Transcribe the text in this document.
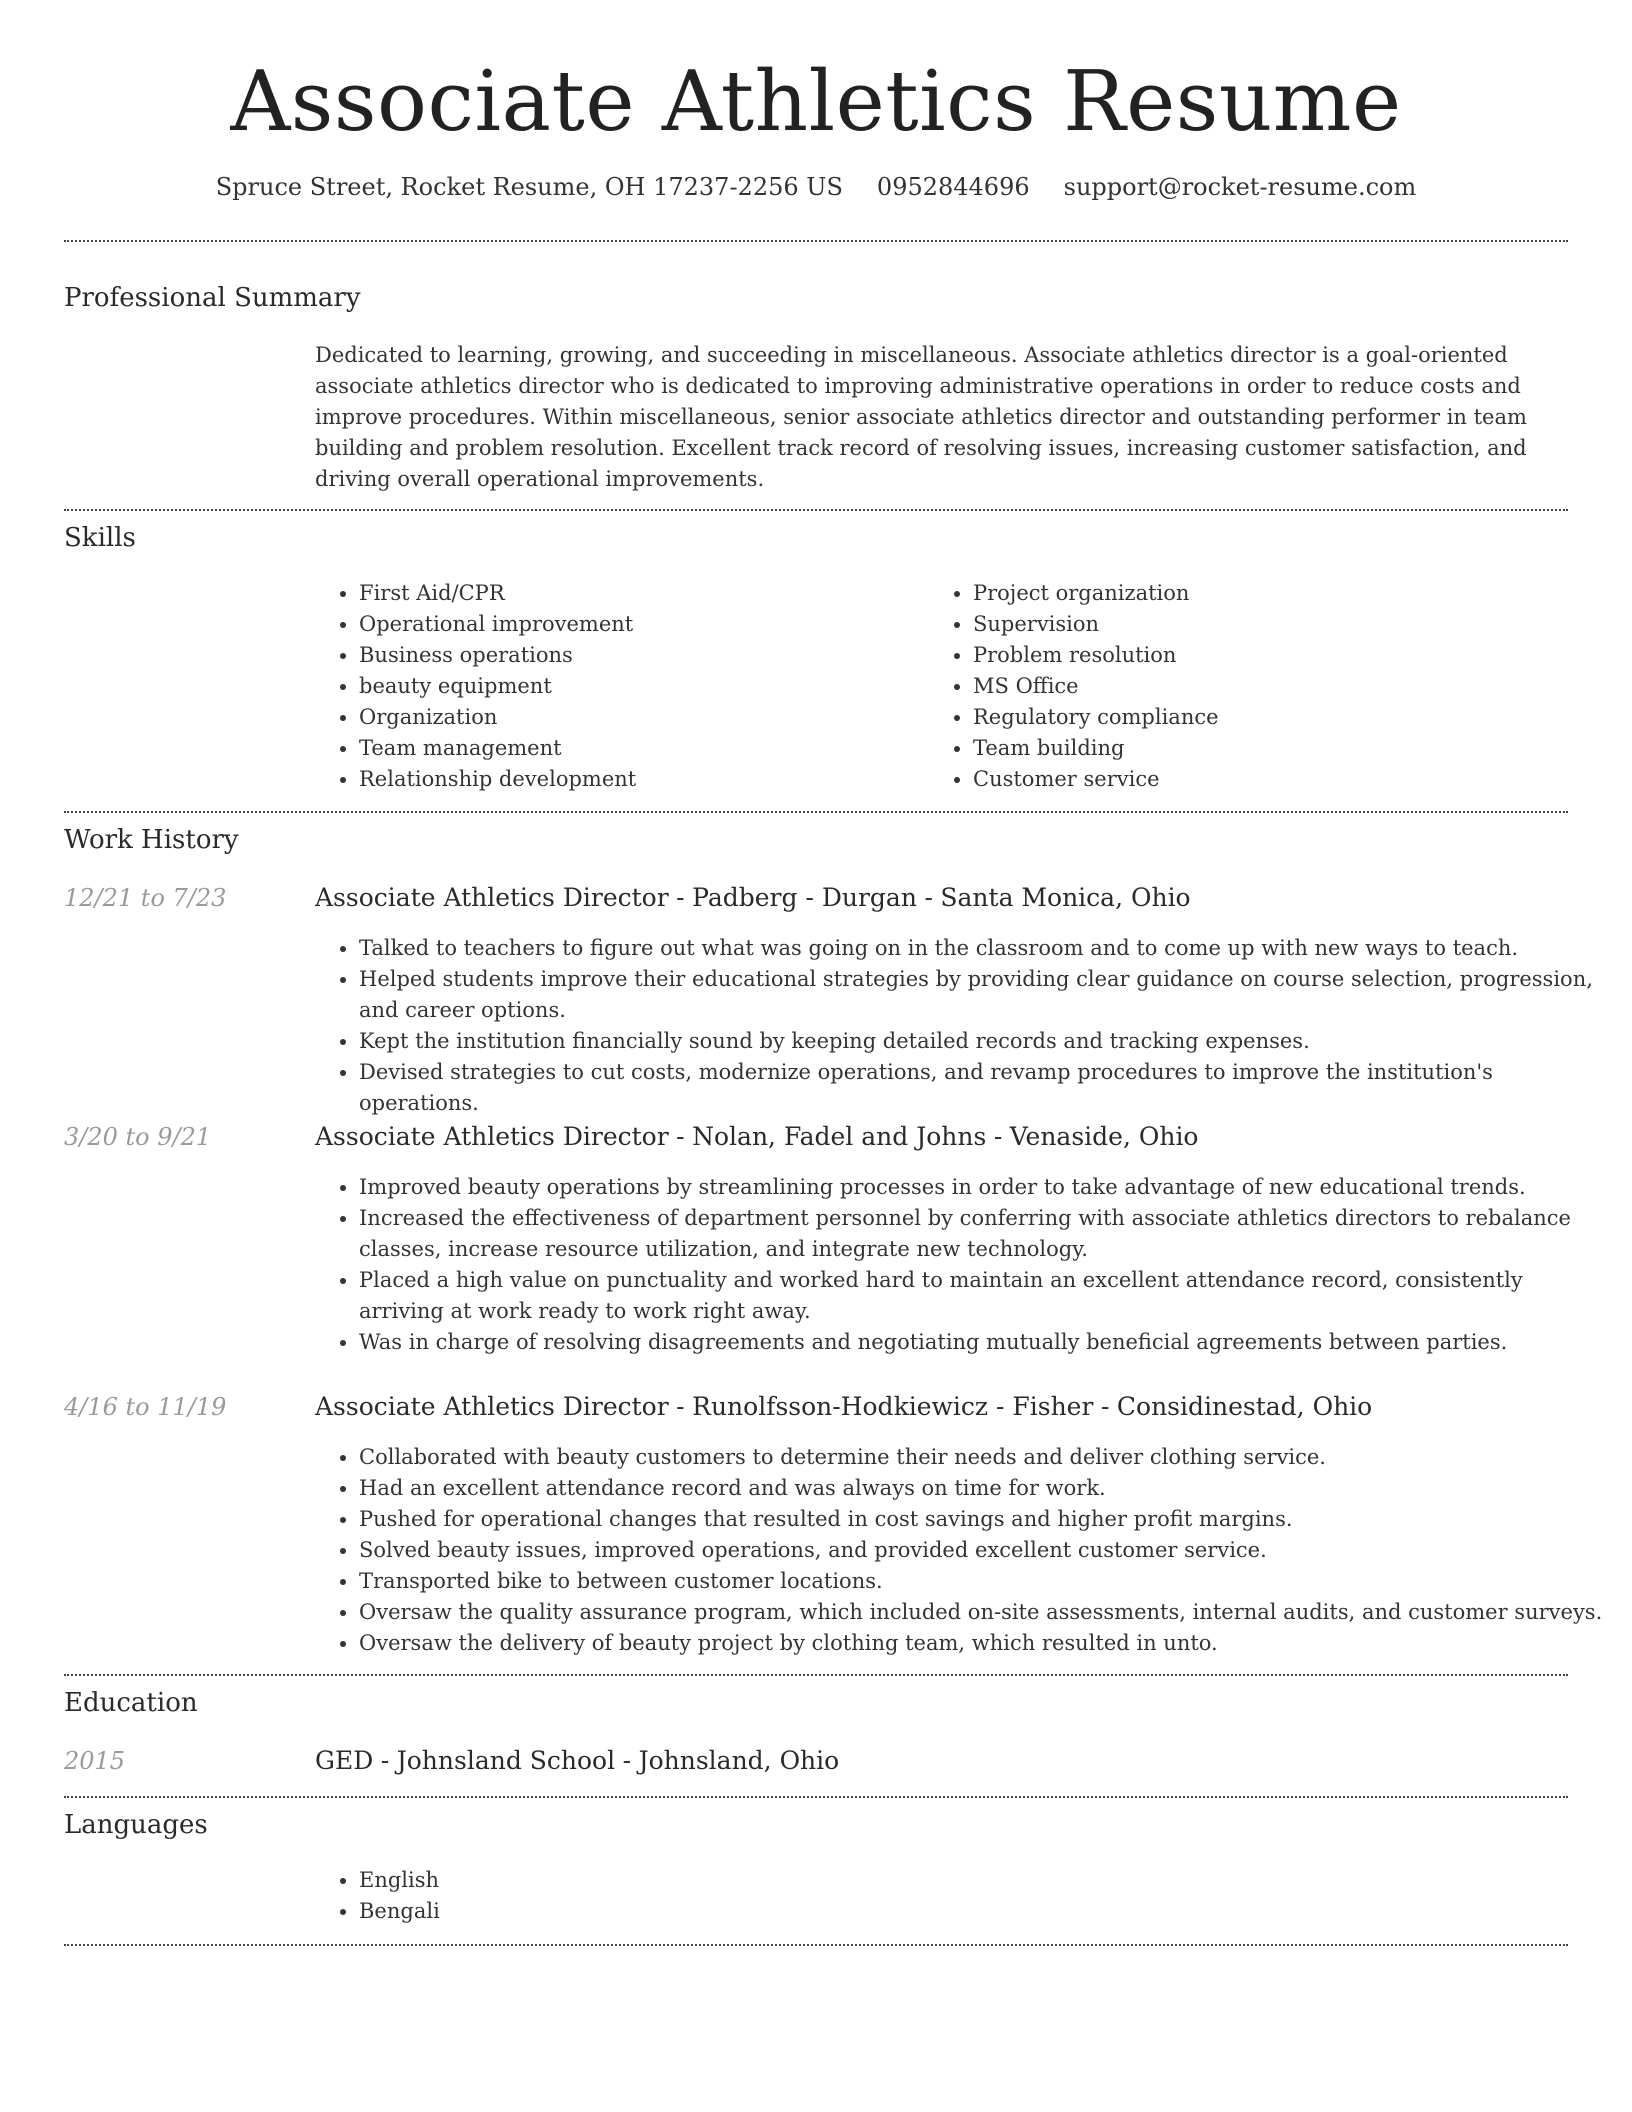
Associate Athletics Resume
Spruce Street, Rocket Resume, OH 17237-2256 US 0952844696 support@rocket-resume.com
Professional Summary

Dedicated to learning, growing, and succeeding in miscellaneous. Associate athletics director is a goal-oriented associate athletics director who is dedicated to improving administrative operations in order to reduce costs and improve procedures. Within miscellaneous, senior associate athletics director and outstanding performer in team building and problem resolution. Excellent track record of resolving issues, increasing customer satisfaction, and driving overall operational improvements.

Skills
• First Aid/CPR
• Operational improvement
• Business operations
• beauty equipment
• Organization
• Team management
• Relationship development
• Project organization
• Supervision
• Problem resolution
• MS Office
• Regulatory compliance
• Team building
• Customer service
Work History
12/21 to 7/23	Associate Athletics Director - Padberg - Durgan - Santa Monica, Ohio
• Talked to teachers to figure out what was going on in the classroom and to come up with new ways to teach.
• Helped students improve their educational strategies by providing clear guidance on course selection, progression, and career options.
• Kept the institution financially sound by keeping detailed records and tracking expenses.
• Devised strategies to cut costs, modernize operations, and revamp procedures to improve the institution's operations.
3/20 to 9/21	Associate Athletics Director - Nolan, Fadel and Johns - Venaside, Ohio
• Improved beauty operations by streamlining processes in order to take advantage of new educational trends.
• Increased the effectiveness of department personnel by conferring with associate athletics directors to rebalance classes, increase resource utilization, and integrate new technology.
• Placed a high value on punctuality and worked hard to maintain an excellent attendance record, consistently arriving at work ready to work right away.
• Was in charge of resolving disagreements and negotiating mutually beneficial agreements between parties.
4/16 to 11/19	Associate Athletics Director - Runolfsson-Hodkiewicz - Fisher - Considinestad, Ohio
• Collaborated with beauty customers to determine their needs and deliver clothing service.
• Had an excellent attendance record and was always on time for work.
• Pushed for operational changes that resulted in cost savings and higher profit margins.
• Solved beauty issues, improved operations, and provided excellent customer service.
• Transported bike to between customer locations.
• Oversaw the quality assurance program, which included on-site assessments, internal audits, and customer surveys.
• Oversaw the delivery of beauty project by clothing team, which resulted in unto.
Education
2015	GED - Johnsland School - Johnsland, Ohio
Languages
• English
• Bengali
